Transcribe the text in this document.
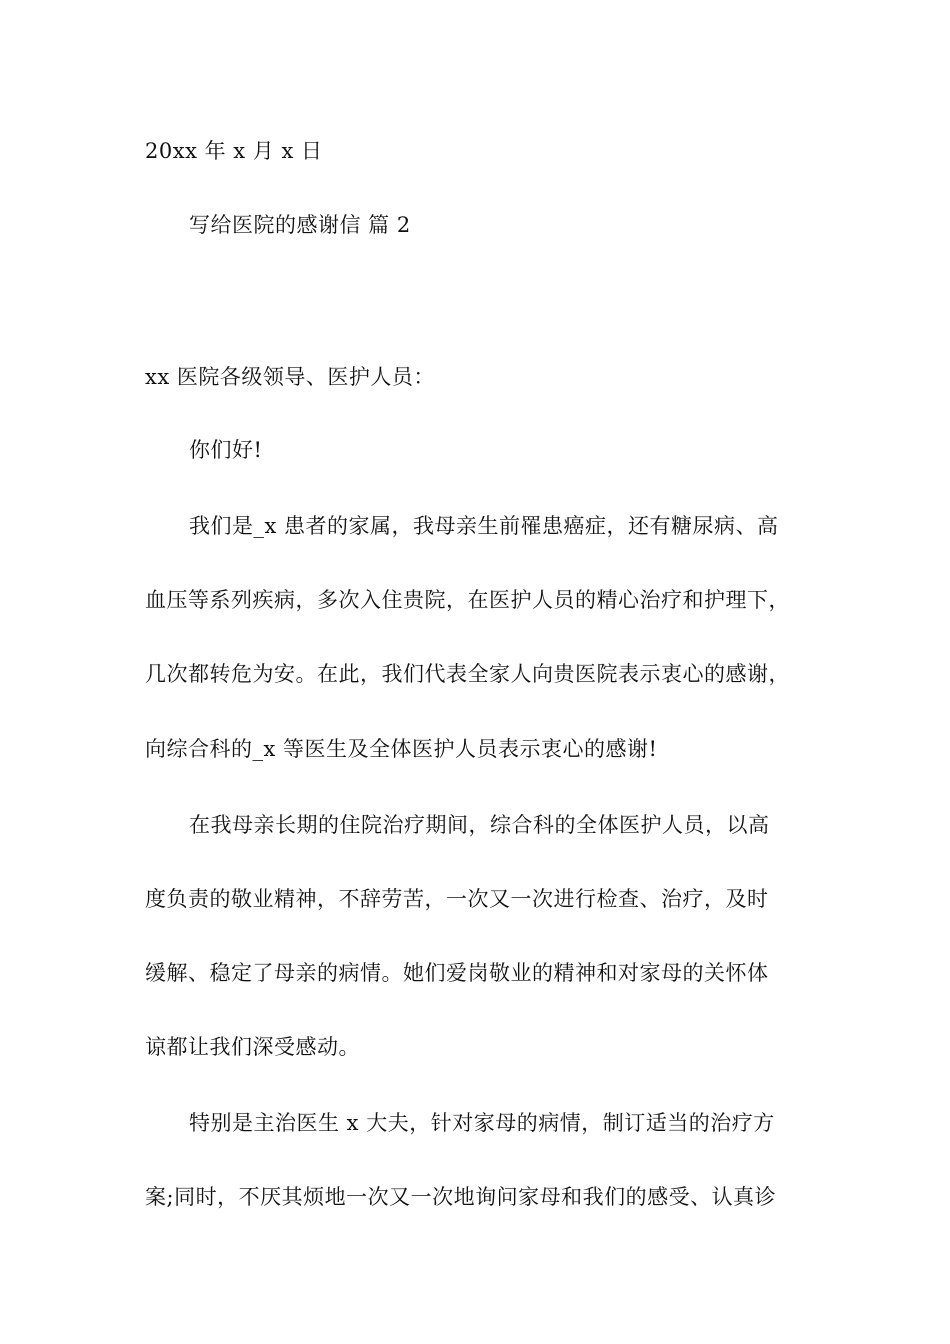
20xx 年 x 月 x 日
写给医院的感谢信 篇 2
xx 医院各级领导、医护人员：
你们好!
我们是_x 患者的家属，我母亲生前罹患癌症，还有糖尿病、高
血压等系列疾病，多次入住贵院，在医护人员的精心治疗和护理下，
几次都转危为安。在此，我们代表全家人向贵医院表示衷心的感谢，
向综合科的_x 等医生及全体医护人员表示衷心的感谢!
在我母亲长期的住院治疗期间，综合科的全体医护人员，以高
度负责的敬业精神，不辞劳苦，一次又一次进行检查、治疗，及时
缓解、稳定了母亲的病情。她们爱岗敬业的精神和对家母的关怀体
谅都让我们深受感动。
特别是主治医生 x 大夫，针对家母的病情，制订适当的治疗方
案;同时，不厌其烦地一次又一次地询问家母和我们的感受、认真诊
